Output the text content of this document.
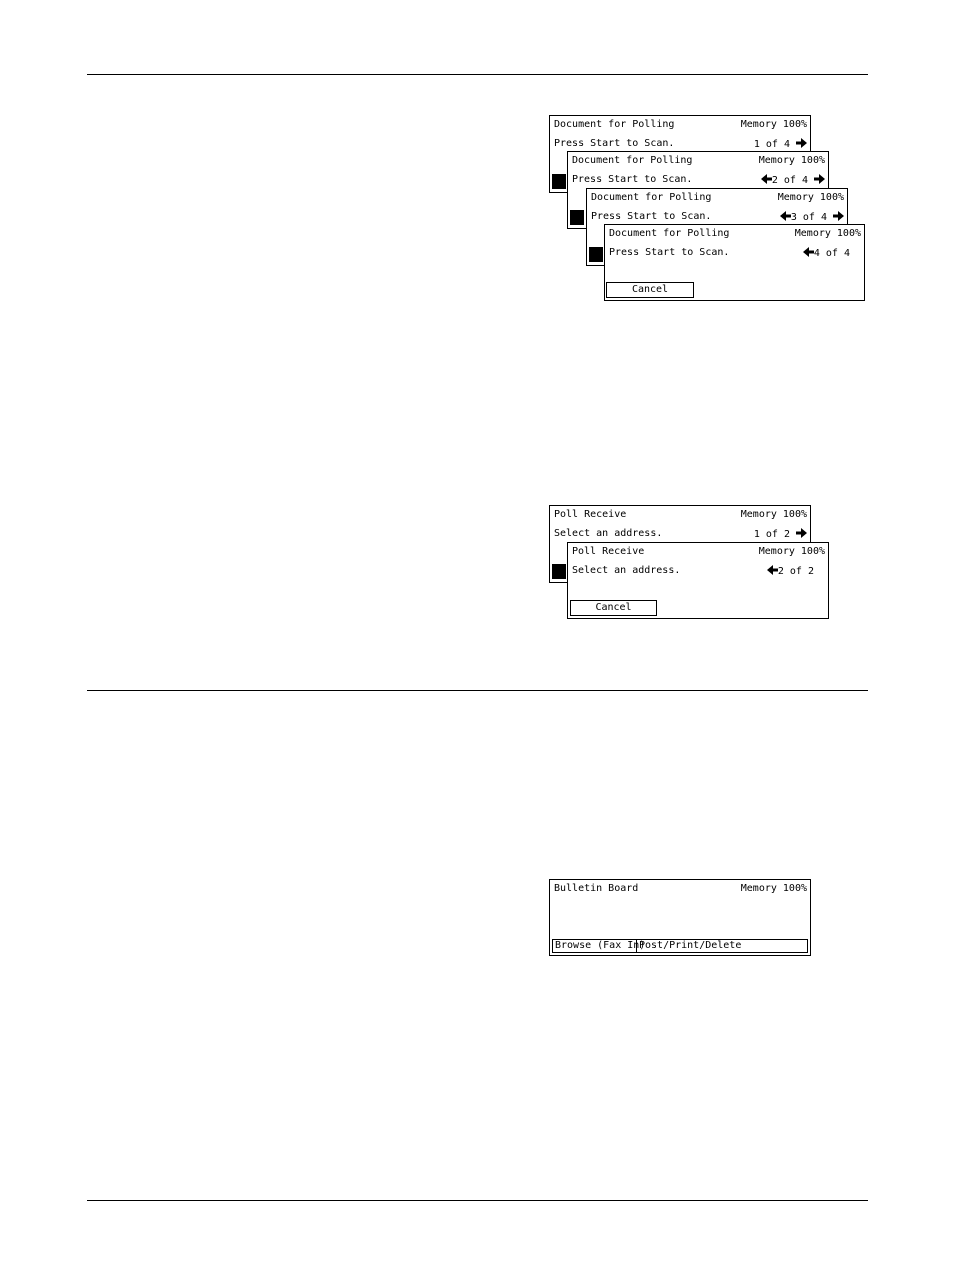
Document for Polling	Memory 100%
Press Start to Scan.	1 of 4
Document for Polling	Memory 100%
Press Start to Scan.	2 of 4
Document for Polling	Memory 100%
Press Start to Scan.	3 of 4
Document for Polling	Memory 100%
Press Start to Scan.	4 of 4
Cancel
Poll Receive	Memory 100%
Select an address.	1 of 2
Poll Receive	Memory 100%
Select an address.	2 of 2
Cancel
Bulletin Board	Memory 100%
Browse (Fax In)
Post/Print/Delete
